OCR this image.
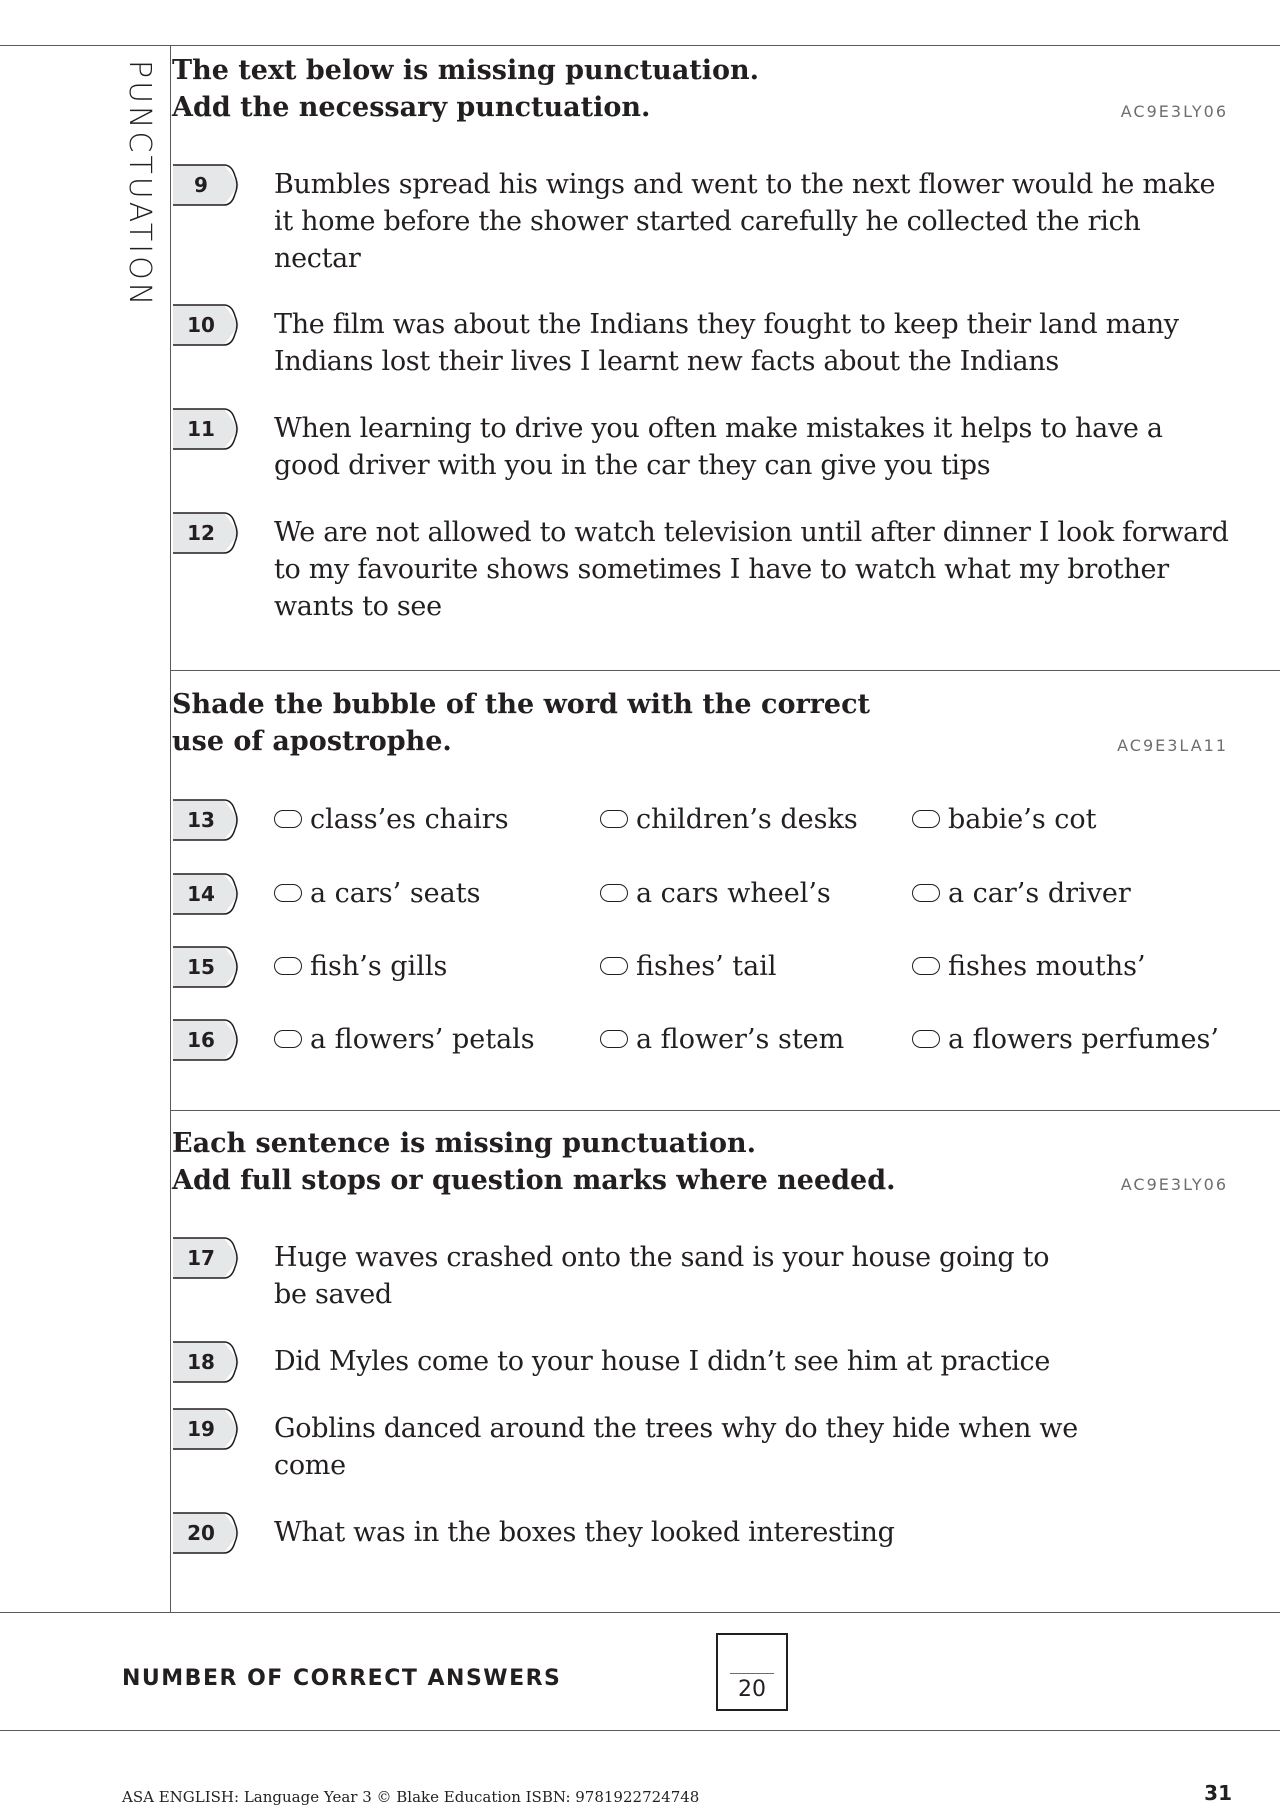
PUNCTUATION The text below is missing punctuation.
Add the necessary punctuation.	AC9E3LY06
9	Bumbles spread his wings and went to the next flower would he make it home before the shower started carefully he collected the rich nectar
10	The film was about the Indians they fought to keep their land many Indians lost their lives I learnt new facts about the Indians
11	When learning to drive you often make mistakes it helps to have a good driver with you in the car they can give you tips
12	We are not allowed to watch television until after dinner I look forward to my favourite shows sometimes I have to watch what my brother wants to see
Shade the bubble of the word with the correct
use of apostrophe.	AC9E3LA11
13	class’es chairs	children’s desks	babie’s cot
14	a cars’ seats	a cars wheel’s	a car’s driver
15	fish’s gills	fishes’ tail	fishes mouths’
16	a flowers’ petals	a flower’s stem	a flowers perfumes’
Each sentence is missing punctuation.
Add full stops or question marks where needed.	AC9E3LY06
17	Huge waves crashed onto the sand is your house going to be saved
18	Did Myles come to your house I didn’t see him at practice
19	Goblins danced around the trees why do they hide when we come
20	What was in the boxes they looked interesting
NUMBER OF CORRECT ANSWERS	20
ASA ENGLISH: Language Year 3 © Blake Education ISBN: 9781922724748	31
